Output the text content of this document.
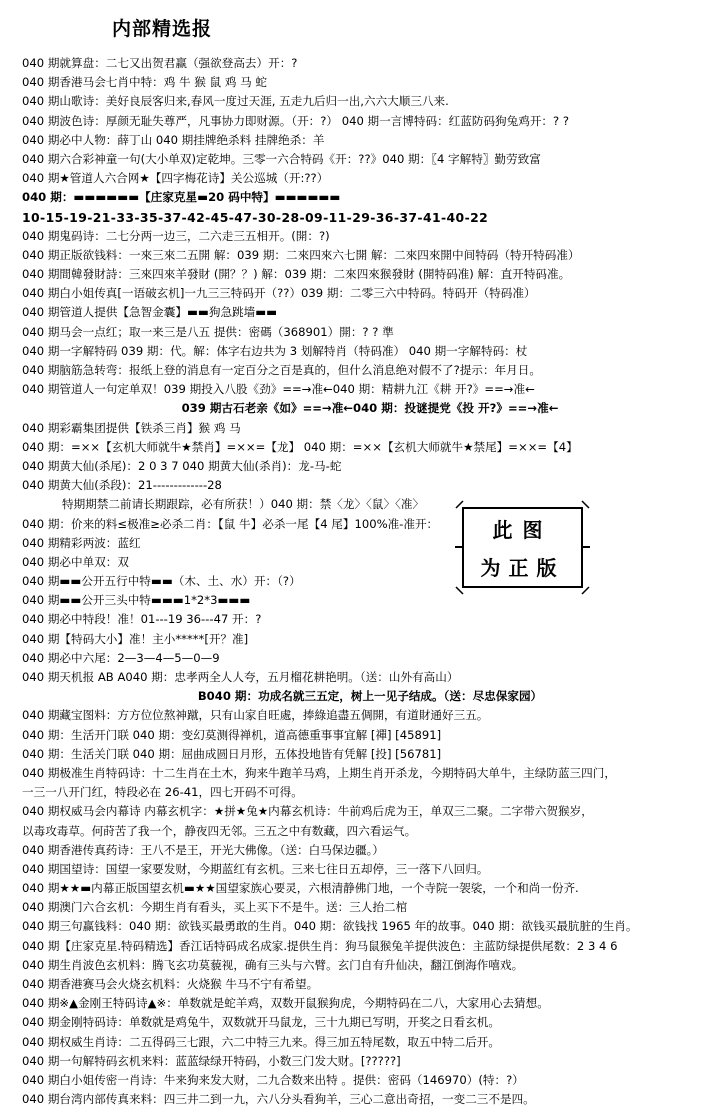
内部精选报
040 期就算盘：二七又出贺君赢（强欲登高去）开：?
040 期香港马会七肖中特：鸡 牛 猴 鼠 鸡 马 蛇
040 期山歌诗：美好良辰客归来,春风一度过天涯, 五走九后归一出,六六大顺三八来.
040 期波色诗：厚颜无耻失尊严，凡事协力即财源。（开：?） 040 期一言博特码：红蓝防码狗兔鸡开：? ?
040 期必中人物：薛丁山 040 期挂牌绝杀料 挂牌绝杀：羊
040 期六合彩神童一句(大小单双)定乾坤。三零一六合特码《开：??》040 期：〖4 字解特〗勤劳致富
040 期★管道人六合网★【四字梅花诗】关公巡城（开:??）
040 期：▬▬▬▬▬▬【庄家克星▬20 码中特】▬▬▬▬▬▬
10-15-19-21-33-35-37-42-45-47-30-28-09-11-29-36-37-41-40-22
040 期鬼码诗：二七分两一边三，二六走三五相开。(開：?)
040 期正版欲钱料：一來三來二五開 解：039 期：二來四來六七開 解：二來四來開中间特码（特开特码准）
040 期間韓發財詩：三來四來羊發財 (開？？) 解：039 期：二來四來猴發財 (開特码准) 解：直开特码准。
040 期白小姐传真[一语破玄机]一九三三特码开（??）039 期：二零三六中特码。特码开（特码准）
040 期管道人提供【急智金囊】▬▬狗急跳墙▬▬
040 期马会一点红；取一来三是八五 提供：密碼（368901）開：? ? 準
040 期一字解特码 039 期：代。解：体字右边共为 3 划解特肖（特码准） 040 期一字解特码：杖
040 期脑筋急转弯：报纸上登的消息有一定百分之百是真的，但什么消息绝对假不了?提示：年月日。
040 期管道人一句定单双！039 期投入八股《劲》==→准←040 期：精耕九江《耕 开?》==→准←
039 期古石老亲《如》==→准←040 期：投谜提党《投 开?》==→准←
040 期彩霸集团提供【铁杀三肖】猴 鸡 马
040 期：=××【玄机大师就牛★禁肖】=××=【龙】 040 期：=××【玄机大师就牛★禁尾】=××=【4】
040 期黄大仙(杀尾)：2 0 3 7 040 期黄大仙(杀肖)：龙-马-蛇
040 期黄大仙(杀段)：21-------------28
特期期禁二前请长期跟踪，必有所获！）040 期：禁〈龙〉〈鼠〉〈准〉
040 期：价来的料≤极准≥必杀二肖：【鼠 牛】必杀一尾【4 尾】100%准-准开：
040 期精彩两波：蓝红
040 期必中单双：双
040 期▬▬公开五行中特▬▬（木、土、水）开：（?）
040 期▬▬公开三头中特▬▬▬1*2*3▬▬▬
040 期必中特段！准！01---19 36---47 开：?
040 期【特码大小】准！主小*****[开？准]
040 期必中六尾：2—3—4—5—0—9
040 期天机报 AB A040 期：忠孝两全人人夸，五月榴花耕艳明。（送：山外有高山）
B040 期：功成名就三五定，树上一见子结成。（送：尽忠保家园）
040 期藏宝图料：方方位位熬神蹴，只有山家自旺處，捧綠追盡五倜開，有道財通好三五。
040 期：生活开门联 040 期：变幻莫测得禅机，道高德重事事宜解 [禪] [45891]
040 期：生活关门联 040 期：屈曲成圆日月形，五体投地皆有凭解 [投] [56781]
040 期极准生肖特码诗：十二生肖在土木，狗来牛跑羊马鸡，上期生肖开杀龙，今期特码大单牛，主绿防蓝三四门，
一三一八开门红，特段必在 26-41，四七开码不可得。
040 期权威马会内幕诗 内幕玄机字：★拼★兔★内幕玄机诗：牛前鸡后虎为王，单双三二聚。二字带六贺猴岁，
以毒攻毒草。何莳苦了我一个，静夜四无邻。三五之中有数藏，四六看运气。
040 期香港传真药诗：王八不是王，开光大佛像。（送：白马保边疆。）
040 期国望诗：国望一家要发财，今期蓝红有玄机。三来七往日五却停，三一落下八回归。
040 期★★▬内幕正版国望玄机▬★★国望家族心要灵，六根清静佛门地，一个寺院一袈裟，一个和尚一份齐.
040 期澳门六合玄机：今期生肖有看头，买上买下不是牛。送：三人抬二棺
040 期三句赢钱料：040 期：欲钱买最勇敢的生肖。040 期：欲钱找 1965 年的故事。040 期：欲钱买最肮脏的生肖。
040 期【庄家克星.特码精选】香江话特码成名成家.提供生肖：狗马鼠猴兔羊提供波色：主蓝防绿提供尾数：2 3 4 6
040 期生肖波色玄机料：腾飞玄功莫藐视，确有三头与六臂。玄门自有升仙决，翻江倒海作嘻戏。
040 期香港赛马会火烧玄机料：火烧猴 牛马不宁有希望。
040 期※▲金刚王特码诗▲※：单数就是蛇羊鸡，双数开鼠猴狗虎，今期特码在二八，大家用心去猜想。
040 期金刚特码诗：单数就是鸡兔牛，双数就开马鼠龙，三十九期已写明，开奖之日看玄机。
040 期权威生肖诗：二五得码三七跟，六二中特三九来。得三加五特尾数，取五中特二后开。
040 期一句解特码玄机来料：蓝蓝绿绿开特码，小数三门发大财。[?????]
040 期白小姐传密一肖诗：牛来狗来发大财，二九合数来出特 。提供：密码（146970）(特：?）
040 期台湾内部传真来料：四三井二到一九，六八分头看狗羊，三心二意出奇招，一变二三不是四。
此图
为正版
